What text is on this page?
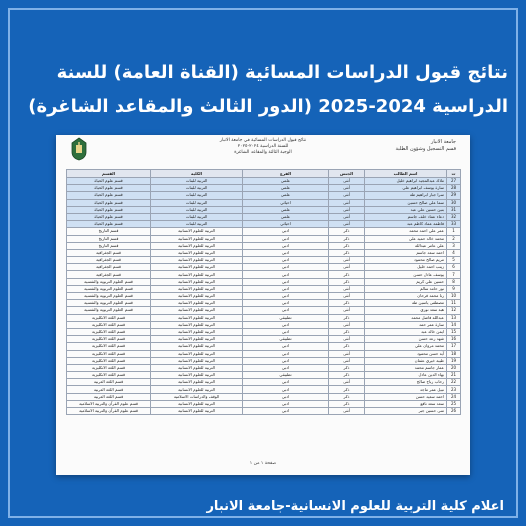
نتائج قبول الدراسات المسائية (القناة العامة) للسنة
الدراسية 2024-2025 (الدور الثالث والمقاعد الشاغرة)
جامعة الانبار
قسم التسجيل وشؤون الطلبة
نتائج قبول الدراسات المسائية في جامعة الانبار
للسنة الدراسية ٢٠٢٤-٢٠٢٥
الوجبة الثالثة والمقاعد الشاغرة
ت	اسم الطالب	الجنس	الفرع	الكلية	القسم
27	ملاك عبدالمجيد ابراهيم خليل	أنثى	علمي	التربية للبنات	قسم علوم الحياة
28	سارة يوسف ابراهيم علي	أنثى	علمي	التربية للبنات	قسم علوم الحياة
29	سرا جبار ابراهيم طه	أنثى	علمي	التربية للبنات	قسم علوم الحياة
30	سما علي صالح حسين	أنثى	احيائي	التربية للبنات	قسم علوم الحياة
31	بنين حسين علي عبد	أنثى	علمي	التربية للبنات	قسم علوم الحياة
32	دعاء عماد خلف جاسم	أنثى	علمي	التربية للبنات	قسم علوم الحياة
33	فاطمة عماد كاظم عبد	أنثى	احيائي	التربية للبنات	قسم علوم الحياة
1	عمر علي احمد محمد	ذكر	ادبي	التربية للعلوم الانسانية	قسم التاريخ
2	محمد خالد حميد علي	ذكر	ادبي	التربية للعلوم الانسانية	قسم التاريخ
3	علي عامر عبدالله	ذكر	ادبي	التربية للعلوم الانسانية	قسم التاريخ
4	احمد سعد جاسم	ذكر	ادبي	التربية للعلوم الانسانية	قسم الجغرافية
5	مريم صالح محمود	أنثى	ادبي	التربية للعلوم الانسانية	قسم الجغرافية
6	زينب احمد خليل	أنثى	ادبي	التربية للعلوم الانسانية	قسم الجغرافية
7	يوسف عادل حسن	ذكر	ادبي	التربية للعلوم الانسانية	قسم الجغرافية
8	حسين علي كريم	ذكر	ادبي	التربية للعلوم الانسانية	قسم العلوم التربوية والنفسية
9	نور حامد سالم	أنثى	ادبي	التربية للعلوم الانسانية	قسم العلوم التربوية والنفسية
10	رنا محمد فرحان	أنثى	ادبي	التربية للعلوم الانسانية	قسم العلوم التربوية والنفسية
11	مصطفى ياسين طه	ذكر	ادبي	التربية للعلوم الانسانية	قسم العلوم التربوية والنفسية
12	هبة سعد نوري	أنثى	ادبي	التربية للعلوم الانسانية	قسم العلوم التربوية والنفسية
13	عبدالله فاضل محمد	ذكر	تطبيقي	التربية للعلوم الانسانية	قسم اللغة الانكليزية
14	سارة عمر حمد	أنثى	ادبي	التربية للعلوم الانسانية	قسم اللغة الانكليزية
15	ايمن خالد عبد	ذكر	ادبي	التربية للعلوم الانسانية	قسم اللغة الانكليزية
16	شهد رعد حسن	أنثى	تطبيقي	التربية للعلوم الانسانية	قسم اللغة الانكليزية
17	محمد مروان علي	ذكر	ادبي	التربية للعلوم الانسانية	قسم اللغة الانكليزية
18	آية حسن محمود	أنثى	ادبي	التربية للعلوم الانسانية	قسم اللغة الانكليزية
19	طيبة خيري عثمان	أنثى	ادبي	التربية للعلوم الانسانية	قسم اللغة الانكليزية
20	عمار جاسم محمد	ذكر	ادبي	التربية للعلوم الانسانية	قسم اللغة الانكليزية
21	بهاء الدين عادل	ذكر	تطبيقي	التربية للعلوم الانسانية	قسم اللغة الانكليزية
22	رحاب رباح صالح	أنثى	ادبي	التربية للعلوم الانسانية	قسم اللغة العربية
23	نبيل عمر ماجد	ذكر	ادبي	التربية للعلوم الانسانية	قسم اللغة العربية
24	احمد سعيد حسن	ذكر	ادبي	الوقف والدراسات الاسلامية	قسم اللغة العربية
25	سعد سعد نافع	ذكر	ادبي	التربية للعلوم الانسانية	قسم علوم القرآن والتربية الاسلامية
26	منى حسين جبر	أنثى	ادبي	التربية للعلوم الانسانية	قسم علوم القرآن والتربية الاسلامية
صفحة ١ من ١
اعلام كلية التربية للعلوم الانسانية-جامعة الانبار
